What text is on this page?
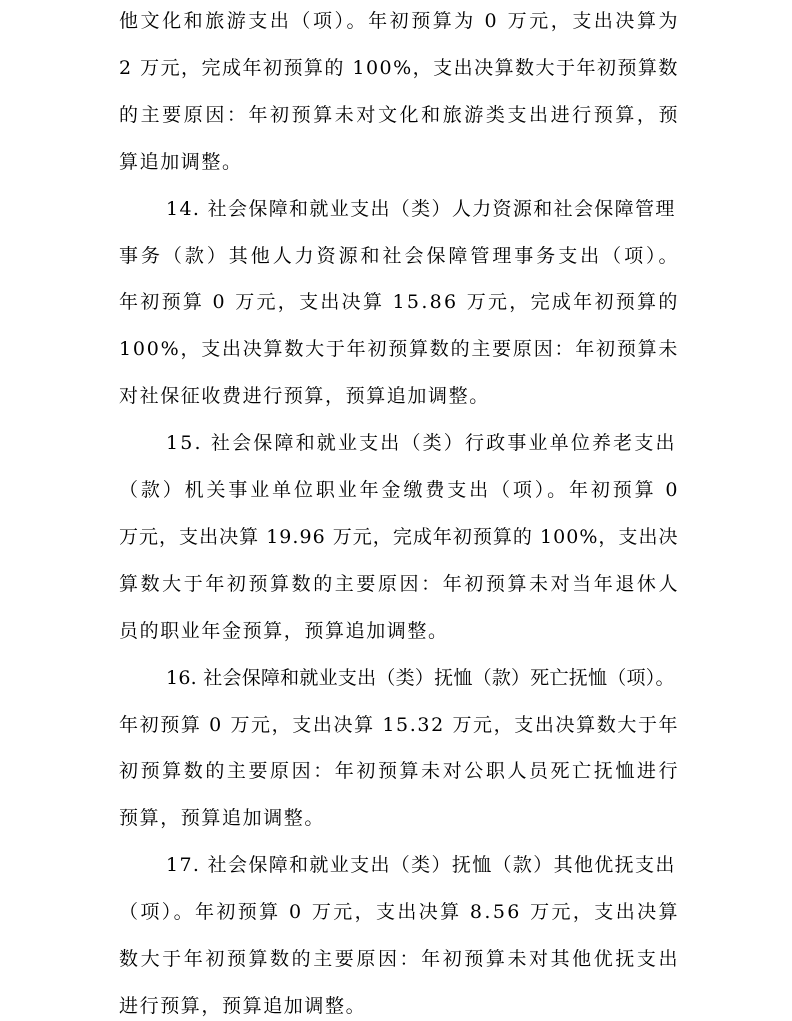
他文化和旅游支出（项）。年初预算为 0 万元，支出决算为
2 万元，完成年初预算的 100%，支出决算数大于年初预算数
的主要原因：年初预算未对文化和旅游类支出进行预算，预
算追加调整。
14. 社会保障和就业支出（类）人力资源和社会保障管理
事务（款）其他人力资源和社会保障管理事务支出（项）。
年初预算 0 万元，支出决算 15.86 万元，完成年初预算的
100%，支出决算数大于年初预算数的主要原因：年初预算未
对社保征收费进行预算，预算追加调整。
15. 社会保障和就业支出（类）行政事业单位养老支出
（款）机关事业单位职业年金缴费支出（项）。年初预算 0
万元，支出决算 19.96 万元，完成年初预算的 100%，支出决
算数大于年初预算数的主要原因：年初预算未对当年退休人
员的职业年金预算，预算追加调整。
16. 社会保障和就业支出（类）抚恤（款）死亡抚恤（项）。
年初预算 0 万元，支出决算 15.32 万元，支出决算数大于年
初预算数的主要原因：年初预算未对公职人员死亡抚恤进行
预算，预算追加调整。
17. 社会保障和就业支出（类）抚恤（款）其他优抚支出
（项）。年初预算 0 万元，支出决算 8.56 万元，支出决算
数大于年初预算数的主要原因：年初预算未对其他优抚支出
进行预算，预算追加调整。
